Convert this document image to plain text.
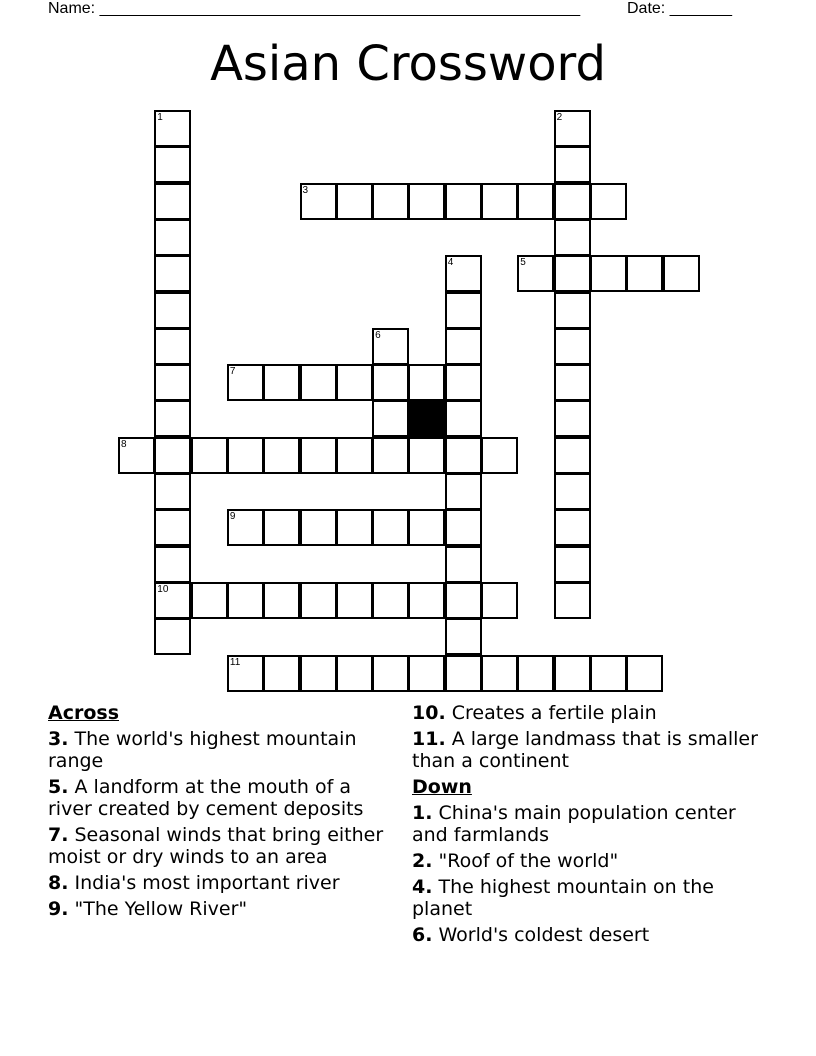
Name: ______________________________________________________	Date: _______
Asian Crossword
1
10
2
3
4	5
6
7
8
9
11
Across
3. The world's highest mountain range
5. A landform at the mouth of a river created by cement deposits
7. Seasonal winds that bring either moist or dry winds to an area
8. India's most important river
9. "The Yellow River"
10. Creates a fertile plain
11. A large landmass that is smaller than a continent
Down
1. China's main population center and farmlands
2. "Roof of the world"
4. The highest mountain on the planet
6. World's coldest desert
